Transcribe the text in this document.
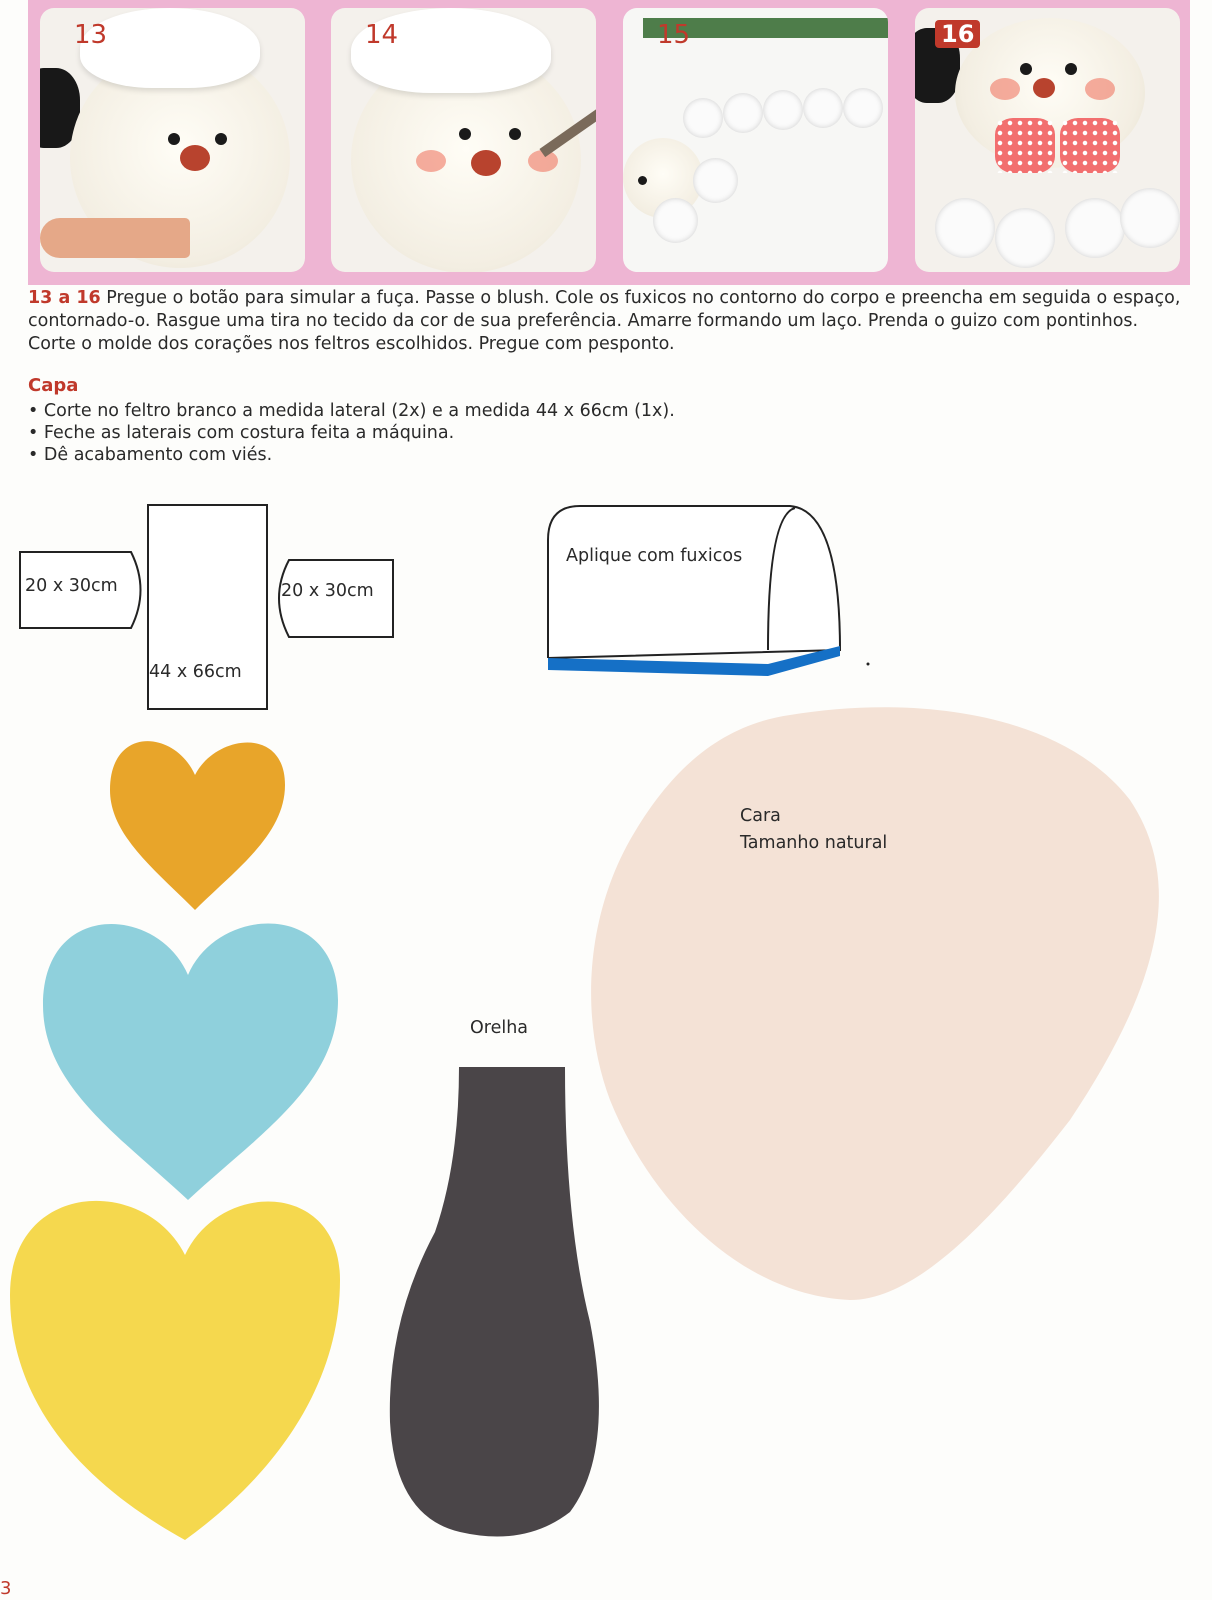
13	14	15	16
13 a 16 Pregue o botão para simular a fuça. Passe o blush. Cole os fuxicos no contorno do corpo e preencha em seguida o espaço, contornado-o. Rasgue uma tira no tecido da cor de sua preferência. Amarre formando um laço. Prenda o guizo com pontinhos. Corte o molde dos corações nos feltros escolhidos. Pregue com pesponto.
Capa
• Corte no feltro branco a medida lateral (2x) e a medida 44 x 66cm (1x).
• Feche as laterais com costura feita a máquina.
• Dê acabamento com viés.
20 x 30cm
44 x 66cm
20 x 30cm
Aplique com fuxicos
Orelha
Cara
Tamanho natural
3
